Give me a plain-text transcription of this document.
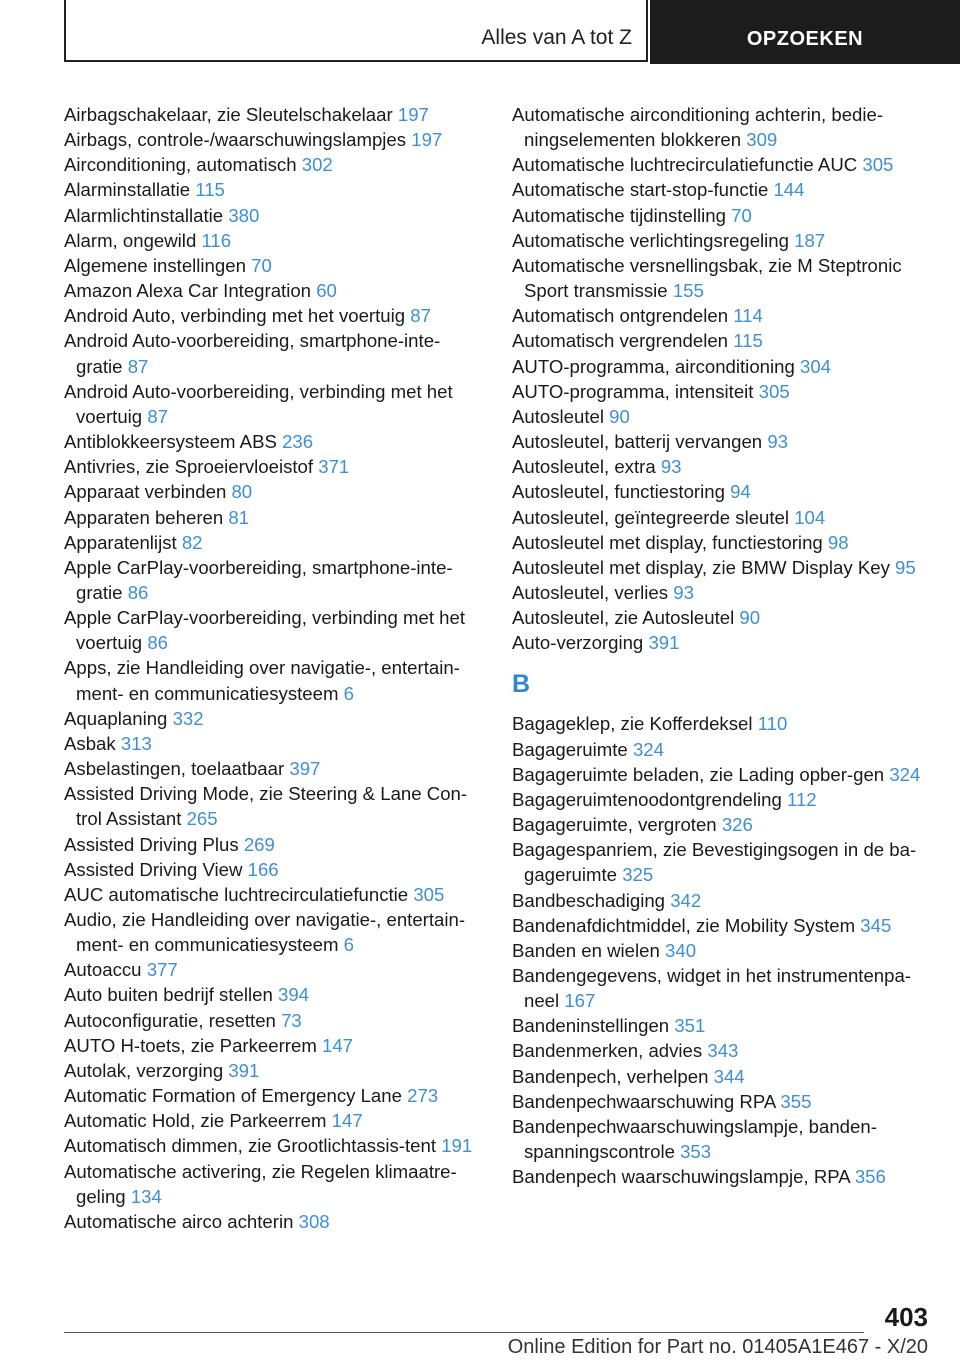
Alles van A tot Z	OPZOEKEN

Airbagschakelaar, zie Sleutelschakelaar 197

Airbags, controle-/waarschuwingslampjes 197

Airconditioning, automatisch 302

Alarminstallatie 115

Alarmlichtinstallatie 380

Alarm, ongewild 116

Algemene instellingen 70

Amazon Alexa Car Integration 60

Android Auto, verbinding met het voertuig 87

Android Auto-voorbereiding, smartphone-inte-gratie 87

Android Auto-voorbereiding, verbinding met het voertuig 87

Antiblokkeersysteem ABS 236

Antivries, zie Sproeiervloeistof 371

Apparaat verbinden 80

Apparaten beheren 81

Apparatenlijst 82

Apple CarPlay-voorbereiding, smartphone-inte-gratie 86

Apple CarPlay-voorbereiding, verbinding met het voertuig 86

Apps, zie Handleiding over navigatie-, entertain-ment- en communicatiesysteem 6

Aquaplaning 332

Asbak 313

Asbelastingen, toelaatbaar 397

Assisted Driving Mode, zie Steering & Lane Con-trol Assistant 265

Assisted Driving Plus 269

Assisted Driving View 166

AUC automatische luchtrecirculatiefunctie 305

Audio, zie Handleiding over navigatie-, entertain-ment- en communicatiesysteem 6

Autoaccu 377

Auto buiten bedrijf stellen 394

Autoconfiguratie, resetten 73

AUTO H-toets, zie Parkeerrem 147

Autolak, verzorging 391

Automatic Formation of Emergency Lane 273

Automatic Hold, zie Parkeerrem 147

Automatisch dimmen, zie Grootlichtassis-tent 191

Automatische activering, zie Regelen klimaatre-geling 134

Automatische airco achterin 308

Automatische airconditioning achterin, bedie-ningselementen blokkeren 309

Automatische luchtrecirculatiefunctie AUC 305

Automatische start-stop-functie 144

Automatische tijdinstelling 70

Automatische verlichtingsregeling 187

Automatische versnellingsbak, zie M Steptronic Sport transmissie 155

Automatisch ontgrendelen 114

Automatisch vergrendelen 115

AUTO-programma, airconditioning 304

AUTO-programma, intensiteit 305

Autosleutel 90

Autosleutel, batterij vervangen 93

Autosleutel, extra 93

Autosleutel, functiestoring 94

Autosleutel, geïntegreerde sleutel 104

Autosleutel met display, functiestoring 98

Autosleutel met display, zie BMW Display Key 95

Autosleutel, verlies 93

Autosleutel, zie Autosleutel 90

Auto-verzorging 391

B

Bagageklep, zie Kofferdeksel 110

Bagageruimte 324

Bagageruimte beladen, zie Lading opber-gen 324

Bagageruimtenoodontgrendeling 112

Bagageruimte, vergroten 326

Bagagespanriem, zie Bevestigingsogen in de ba-gageruimte 325

Bandbeschadiging 342

Bandenafdichtmiddel, zie Mobility System 345

Banden en wielen 340

Bandengegevens, widget in het instrumentenpa-neel 167

Bandeninstellingen 351

Bandenmerken, advies 343

Bandenpech, verhelpen 344

Bandenpechwaarschuwing RPA 355

Bandenpechwaarschuwingslampje, banden-spanningscontrole 353

Bandenpech waarschuwingslampje, RPA 356

403
Online Edition for Part no. 01405A1E467 - X/20
